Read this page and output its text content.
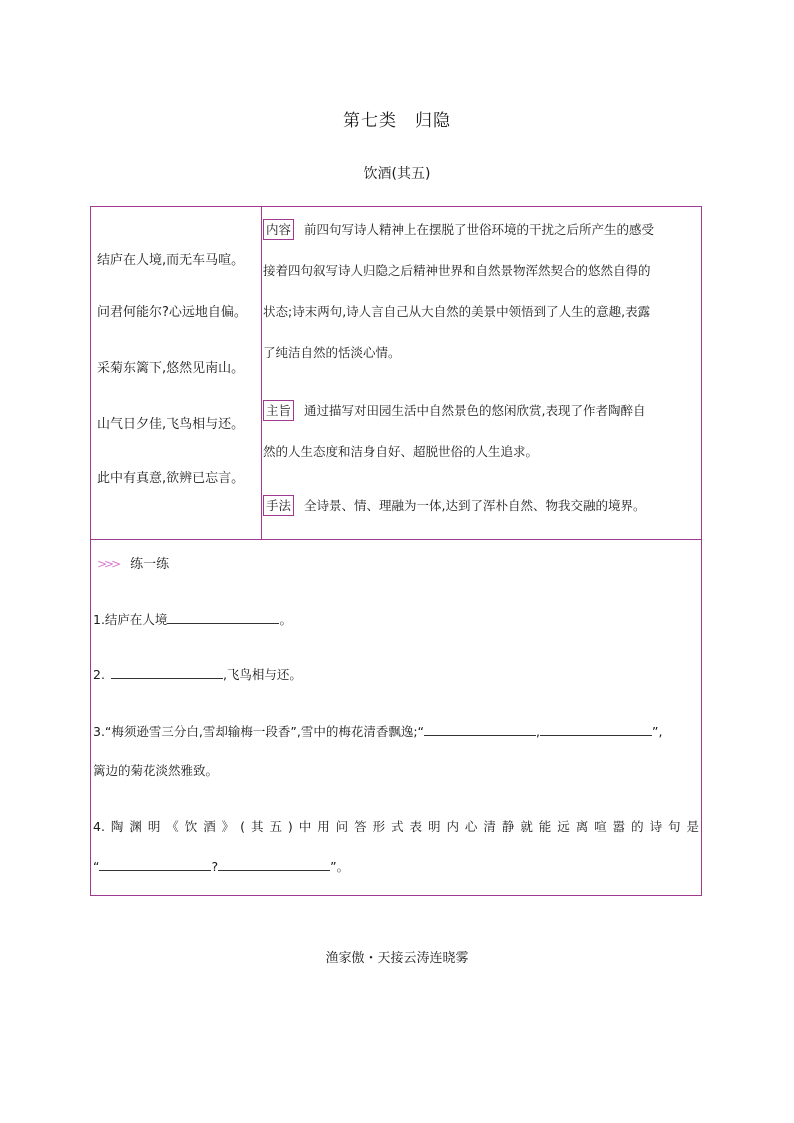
第七类　归隐
饮酒(其五)
结庐在人境,而无车马喧。
问君何能尔?心远地自偏。
采菊东篱下,悠然见南山。
山气日夕佳,飞鸟相与还。
此中有真意,欲辨已忘言。
内容 前四句写诗人精神上在摆脱了世俗环境的干扰之后所产生的感受
接着四句叙写诗人归隐之后精神世界和自然景物浑然契合的悠然自得的
状态;诗末两句,诗人言自己从大自然的美景中领悟到了人生的意趣,表露
了纯洁自然的恬淡心情。
主旨 通过描写对田园生活中自然景色的悠闲欣赏,表现了作者陶醉自
然的人生态度和洁身自好、超脱世俗的人生追求。
手法 全诗景、情、理融为一体,达到了浑朴自然、物我交融的境界。
>>> 练一练
1.结庐在人境	。
2.	,飞鸟相与还。
3.“梅须逊雪三分白,雪却输梅一段香”,雪中的梅花清香飘逸;“	,	”,
篱边的菊花淡然雅致。
4.陶渊明《饮酒》(其五)中用问答形式表明内心清静就能远离喧嚣的诗句是
“	?	”。
渔家傲・天接云涛连晓雾
